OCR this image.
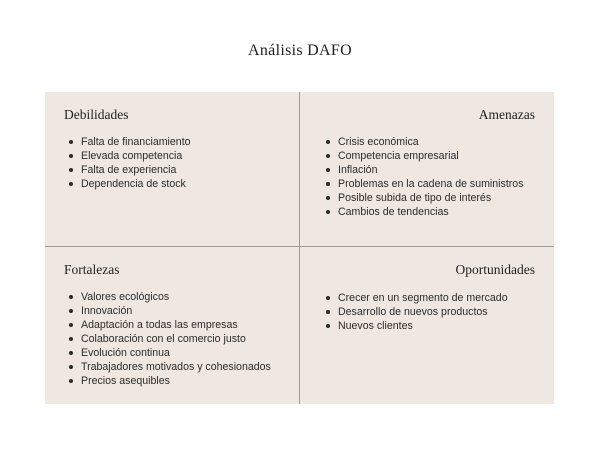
Análisis DAFO
Debilidades
Falta de financiamiento
Elevada competencia
Falta de experiencia
Dependencia de stock
Amenazas
Crisis económica
Competencia empresarial
Inflación
Problemas en la cadena de suministros
Posible subida de tipo de interés
Cambios de tendencias
Fortalezas
Valores ecológicos
Innovación
Adaptación a todas las empresas
Colaboración con el comercio justo
Evolución continua
Trabajadores motivados y cohesionados
Precios asequibles
Oportunidades
Crecer en un segmento de mercado
Desarrollo de nuevos productos
Nuevos clientes
